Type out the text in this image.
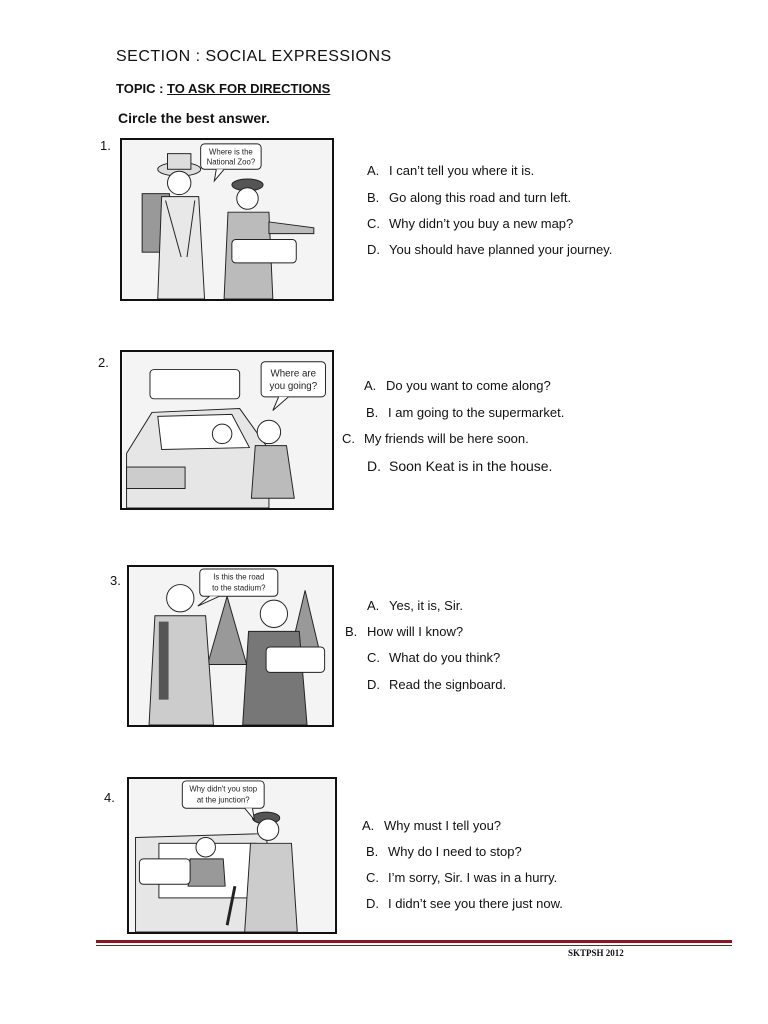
SECTION : SOCIAL EXPRESSIONS
TOPIC : TO ASK FOR DIRECTIONS
Circle the best answer.
1.	Where is the
National Zoo?
A. I can’t tell you where it is.
B. Go along this road and turn left.
C. Why didn’t you buy a new map?
D. You should have planned your journey.
2.
Where are
you going?	A. Do you want to come along?
B. I am going to the supermarket.
C. My friends will be here soon.
D. Soon Keat is in the house.
3.	Is this the road
to the stadium?
A. Yes, it is, Sir.
B. How will I know?
C. What do you think?
D. Read the signboard.
4.
Why didn't you stop
at the junction?
A. Why must I tell you?
B. Why do I need to stop?
C. I’m sorry, Sir. I was in a hurry.
D. I didn’t see you there just now.
SKTPSH 2012
